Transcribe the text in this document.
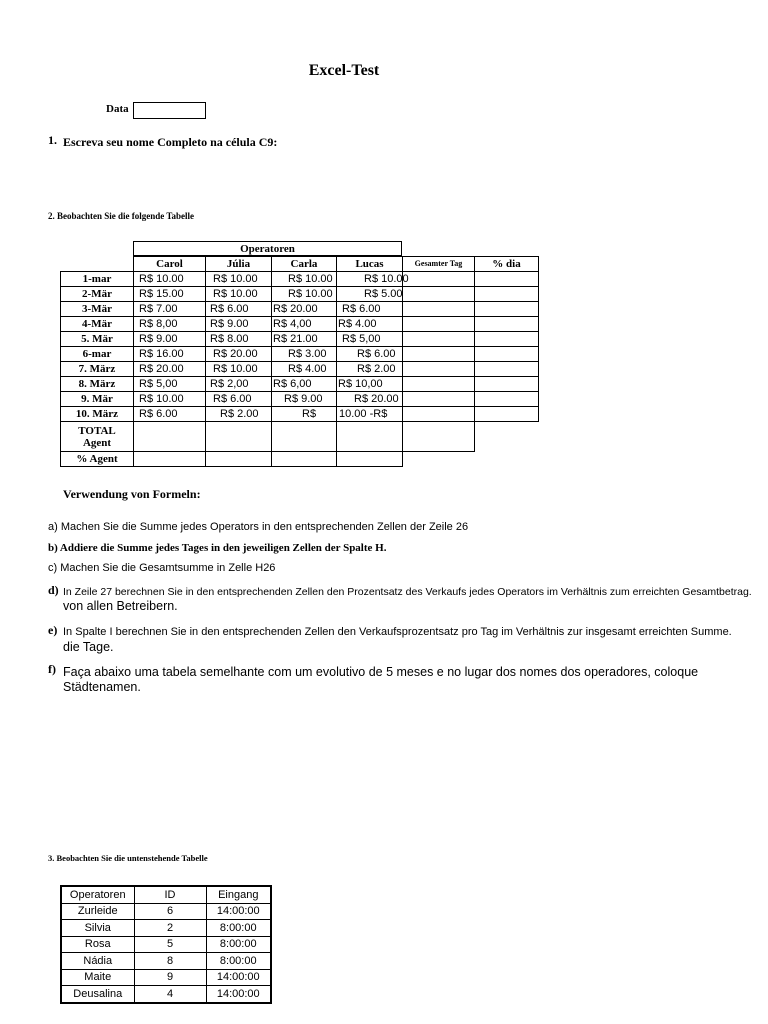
Excel-Test
Data
1. Escreva seu nome Completo na célula C9:
2. Beobachten Sie die folgende Tabelle
Operatoren
	Carol	Júlia	Carla	Lucas	Gesamter Tag	% dia
1-mar	R$ 10.00	R$ 10.00	R$ 10.00	R$ 10.00		

2-Mär	R$ 15.00	R$ 10.00	R$ 10.00	R$ 5.00		

3-Mär	R$ 7.00	R$ 6.00	R$ 20.00	R$ 6.00		

4-Mär	R$ 8,00	R$ 9.00	R$ 4,00	R$ 4.00		

5. Mär	R$ 9.00	R$ 8.00	R$ 21.00	R$ 5,00		

6-mar	R$ 16.00	R$ 20.00	R$ 3.00	R$ 6.00		

7. März	R$ 20.00	R$ 10.00	R$ 4.00	R$ 2.00		

8. März	R$ 5,00	R$ 2,00	R$ 6,00	R$ 10,00		

9. Mär	R$ 10.00	R$ 6.00	R$ 9.00	R$ 20.00		

10. März	R$ 6.00	R$ 2.00	R$	10.00 -R$		

TOTAL
Agent						
% Agent						
Verwendung von Formeln:
a) Machen Sie die Summe jedes Operators in den entsprechenden Zellen der Zeile 26
b) Addiere die Summe jedes Tages in den jeweiligen Zellen der Spalte H.
c) Machen Sie die Gesamtsumme in Zelle H26
d) In Zeile 27 berechnen Sie in den entsprechenden Zellen den Prozentsatz des Verkaufs jedes Operators im Verhältnis zum erreichten Gesamtbetrag.
von allen Betreibern.
e) In Spalte I berechnen Sie in den entsprechenden Zellen den Verkaufsprozentsatz pro Tag im Verhältnis zur insgesamt erreichten Summe.
die Tage.
f) Faça abaixo uma tabela semelhante com um evolutivo de 5 meses e no lugar dos nomes dos operadores, coloque
Städtenamen.
3. Beobachten Sie die untenstehende Tabelle
Operatoren	ID	Eingang
Zurleide	6	14:00:00
Silvia	2	8:00:00
Rosa	5	8:00:00
Nádia	8	8:00:00
Maite	9	14:00:00
Deusalina	4	14:00:00
